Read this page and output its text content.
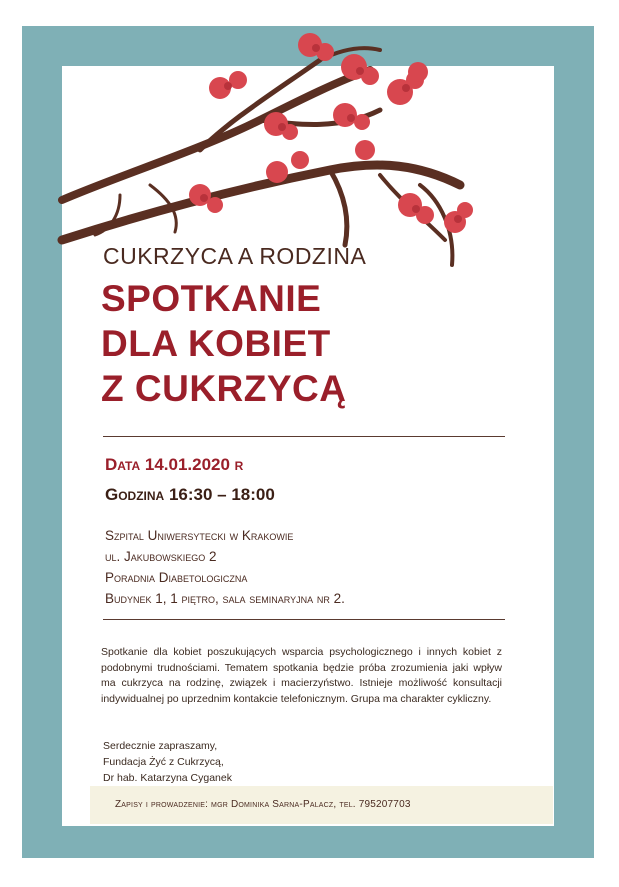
CUKRZYCA A RODZINA
SPOTKANIE
DLA KOBIET
Z CUKRZYCĄ
Data 14.01.2020 r
Godzina 16:30 – 18:00
Szpital Uniwersytecki w Krakowie
ul. Jakubowskiego 2
Poradnia Diabetologiczna
Budynek 1, 1 piętro, sala seminaryjna nr 2.
Spotkanie dla kobiet poszukujących wsparcia psychologicznego i innych kobiet z podobnymi trudnościami. Tematem spotkania będzie próba zrozumienia jaki wpływ ma cukrzyca na rodzinę, związek i macierzyństwo. Istnieje możliwość konsultacji indywidualnej po uprzednim kontakcie telefonicznym. Grupa ma charakter cykliczny.
Serdecznie zapraszamy,
Fundacja Żyć z Cukrzycą,
Dr hab. Katarzyna Cyganek
Zapisy i prowadzenie: mgr Dominika Sarna-Palacz, tel. 795207703
